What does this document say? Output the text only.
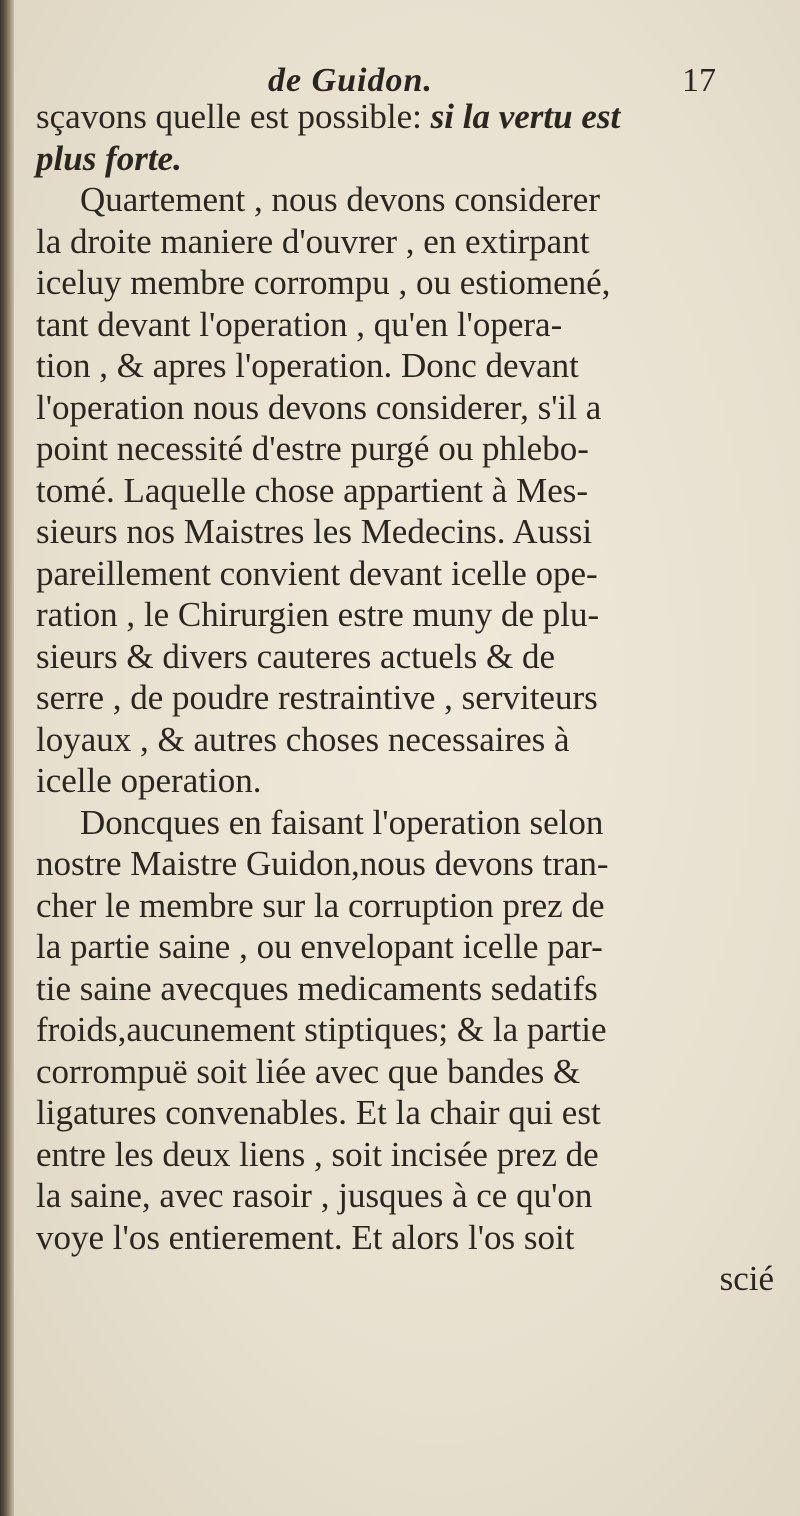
de Guidon.	17
sçavons quelle est possible: si la vertu est
plus forte.
Quartement , nous devons considerer
la droite maniere d'ouvrer , en extirpant
iceluy membre corrompu , ou estiomené,
tant devant l'operation , qu'en l'opera-
tion , & apres l'operation. Donc devant
l'operation nous devons considerer, s'il a
point necessité d'estre purgé ou phlebo-
tomé. Laquelle chose appartient à Mes-
sieurs nos Maistres les Medecins. Aussi
pareillement convient devant icelle ope-
ration , le Chirurgien estre muny de plu-
sieurs & divers cauteres actuels & de
serre , de poudre restraintive , serviteurs
loyaux , & autres choses necessaires à
icelle operation.
Doncques en faisant l'operation selon
nostre Maistre Guidon,nous devons tran-
cher le membre sur la corruption prez de
la partie saine , ou envelopant icelle par-
tie saine avecques medicaments sedatifs
froids,aucunement stiptiques; & la partie
corrompuë soit liée avec que bandes &
ligatures convenables. Et la chair qui est
entre les deux liens , soit incisée prez de
la saine, avec rasoir , jusques à ce qu'on
voye l'os entierement. Et alors l'os soit
scié
